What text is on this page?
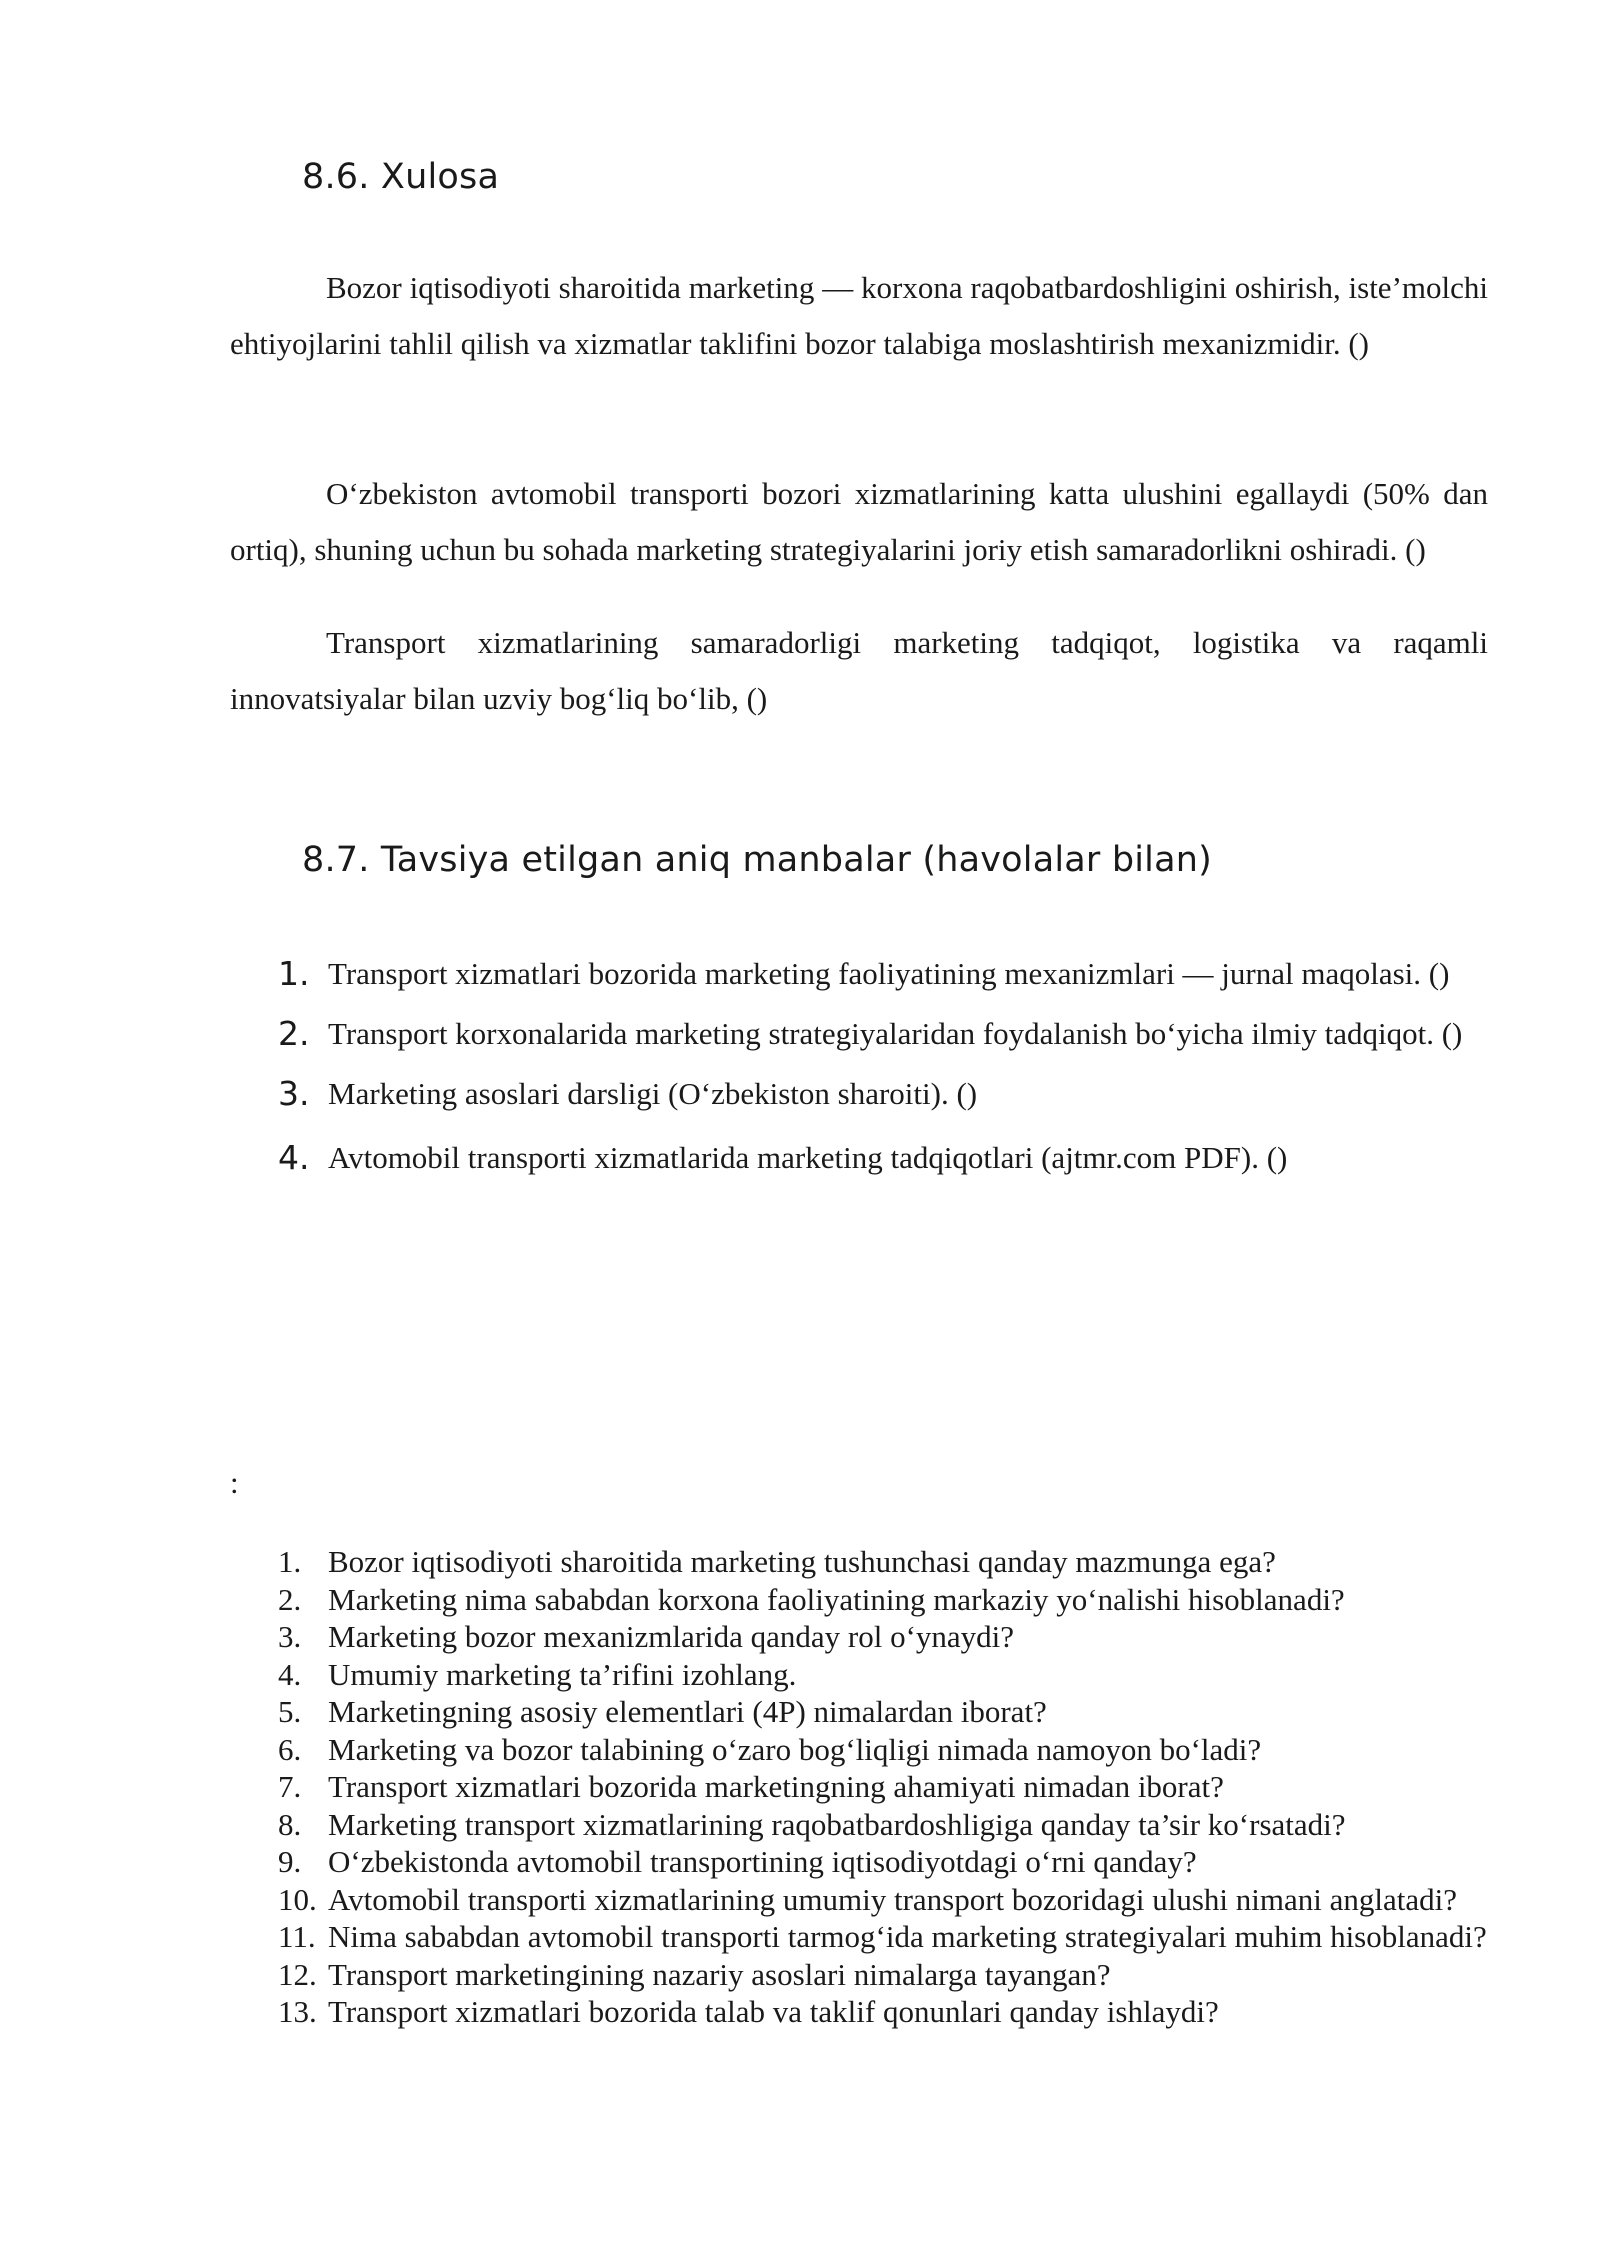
8.6. Xulosa

Bozor iqtisodiyoti sharoitida marketing — korxona raqobatbardoshligini oshirish, iste’molchi ehtiyojlarini tahlil qilish va xizmatlar taklifini bozor talabiga moslashtirish mexanizmidir. ()

O‘zbekiston avtomobil transporti bozori xizmatlarining katta ulushini egallaydi (50% dan ortiq), shuning uchun bu sohada marketing strategiyalarini joriy etish samaradorlikni oshiradi. ()

Transport xizmatlarining samaradorligi marketing tadqiqot, logistika va raqamli innovatsiyalar bilan uzviy bog‘liq bo‘lib, ()

8.7. Tavsiya etilgan aniq manbalar (havolalar bilan)
1. Transport xizmatlari bozorida marketing faoliyatining mexanizmlari — jurnal maqolasi. ()
2. Transport korxonalarida marketing strategiyalaridan foydalanish bo‘yicha ilmiy tadqiqot. ()
3. Marketing asoslari darsligi (O‘zbekiston sharoiti). ()
4. Avtomobil transporti xizmatlarida marketing tadqiqotlari (ajtmr.com PDF). ()
:
1. Bozor iqtisodiyoti sharoitida marketing tushunchasi qanday mazmunga ega?
2. Marketing nima sababdan korxona faoliyatining markaziy yo‘nalishi hisoblanadi?
3. Marketing bozor mexanizmlarida qanday rol o‘ynaydi?
4. Umumiy marketing ta’rifini izohlang.
5. Marketingning asosiy elementlari (4P) nimalardan iborat?
6. Marketing va bozor talabining o‘zaro bog‘liqligi nimada namoyon bo‘ladi?
7. Transport xizmatlari bozorida marketingning ahamiyati nimadan iborat?
8. Marketing transport xizmatlarining raqobatbardoshligiga qanday ta’sir ko‘rsatadi?
9. O‘zbekistonda avtomobil transportining iqtisodiyotdagi o‘rni qanday?
10. Avtomobil transporti xizmatlarining umumiy transport bozoridagi ulushi nimani anglatadi?
11. Nima sababdan avtomobil transporti tarmog‘ida marketing strategiyalari muhim hisoblanadi?
12. Transport marketingining nazariy asoslari nimalarga tayangan?
13. Transport xizmatlari bozorida talab va taklif qonunlari qanday ishlaydi?
